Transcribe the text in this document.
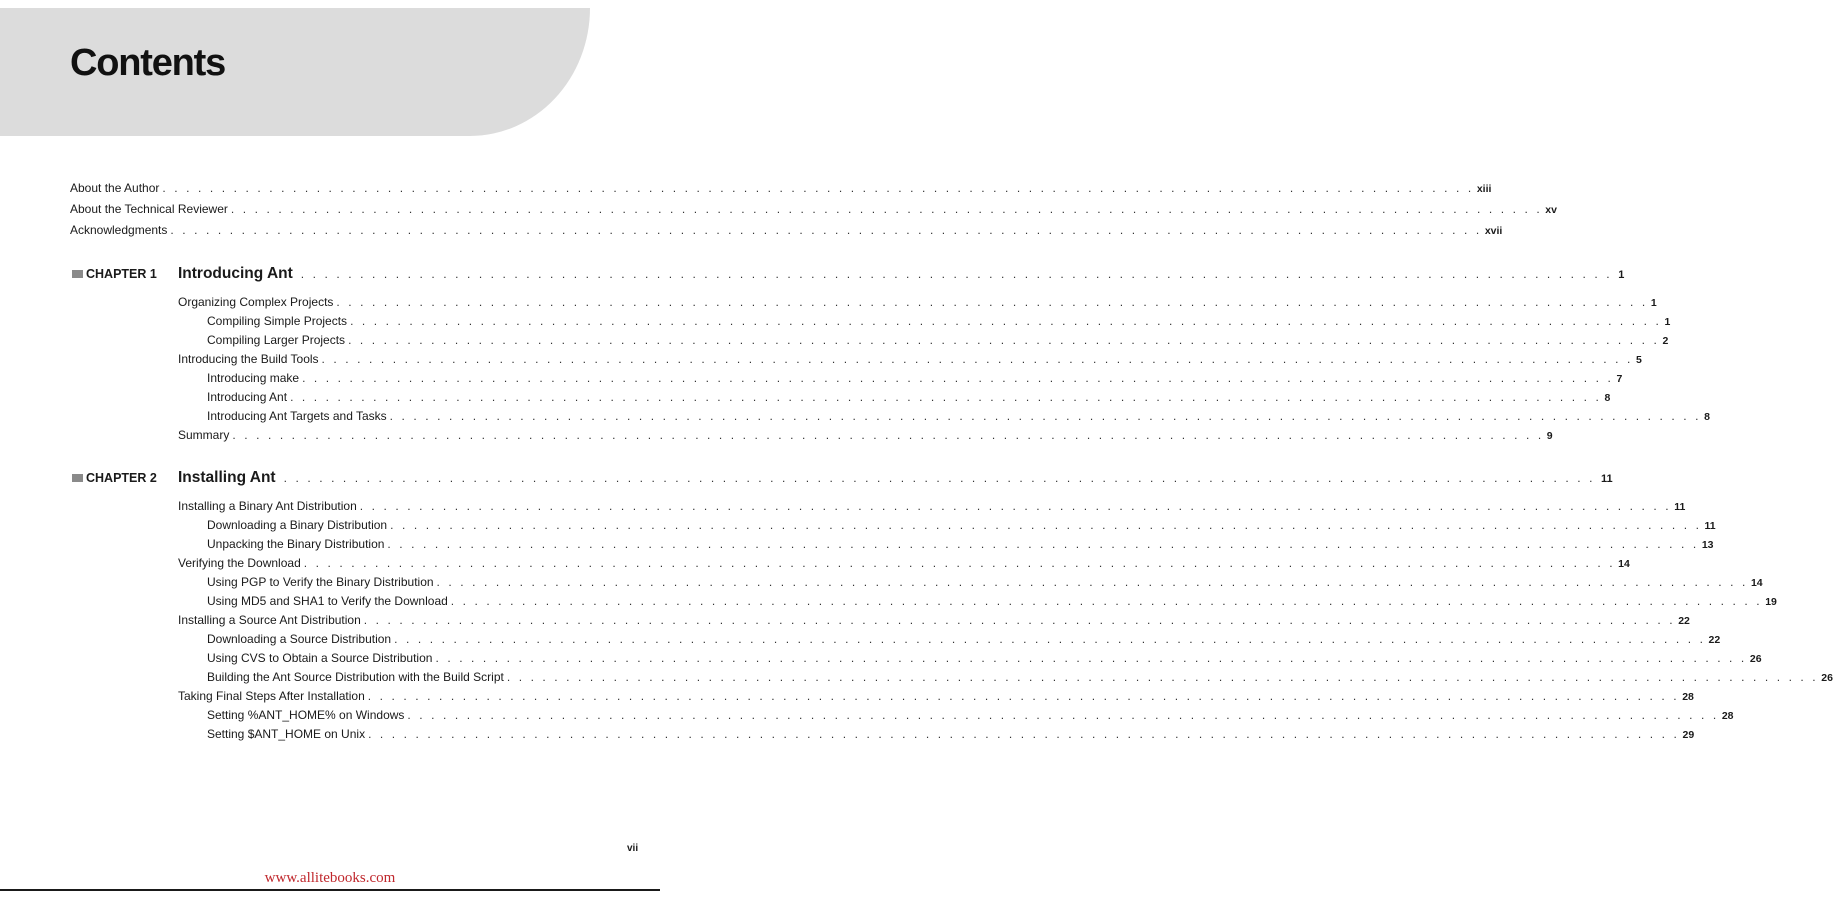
Contents
About the Author . . . . . . . . . . . . . . . . . . . . . . . . . . . . . . . . . . . . . . . . . . . . . . . . . . . . . . . . . . . . . . . . . . . . . . . . . . . . . . . . . . . . . . . . . . . . . . . . . . . . . . . . . . . . . . . xiii
About the Technical Reviewer . . . . . . . . . . . . . . . . . . . . . . . . . . . . . . . . . . . . . . . . . . . . . . . . . . . . . . . . . . . . . . . . . . . . . . . . . . . . . . . . . . . . . . . . . . . . . . . . . . . . . . . . . . . . . . . xv
Acknowledgments . . . . . . . . . . . . . . . . . . . . . . . . . . . . . . . . . . . . . . . . . . . . . . . . . . . . . . . . . . . . . . . . . . . . . . . . . . . . . . . . . . . . . . . . . . . . . . . . . . . . . . . . . . . . . . . xvii
CHAPTER 1 Introducing Ant . . . . . . . . . . . . . . . . . . . . . . . . . . . . . . . . . . . . . . . . . . . . . . . . . . . . . . . . . . . . . . . . . . . . . . . . . . . . . . . . . . . . . . . . . . . . . . . . . . . . . . . . . . . . . . . 1
Organizing Complex Projects . . . . . . . . . . . . . . . . . . . . . . . . . . . . . . . . . . . . . . . . . . . . . . . . . . . . . . . . . . . . . . . . . . . . . . . . . . . . . . . . . . . . . . . . . . . . . . . . . . . . . . . . . . . . . . . 1
Compiling Simple Projects . . . . . . . . . . . . . . . . . . . . . . . . . . . . . . . . . . . . . . . . . . . . . . . . . . . . . . . . . . . . . . . . . . . . . . . . . . . . . . . . . . . . . . . . . . . . . . . . . . . . . . . . . . . . . . . 1
Compiling Larger Projects . . . . . . . . . . . . . . . . . . . . . . . . . . . . . . . . . . . . . . . . . . . . . . . . . . . . . . . . . . . . . . . . . . . . . . . . . . . . . . . . . . . . . . . . . . . . . . . . . . . . . . . . . . . . . . . 2
Introducing the Build Tools . . . . . . . . . . . . . . . . . . . . . . . . . . . . . . . . . . . . . . . . . . . . . . . . . . . . . . . . . . . . . . . . . . . . . . . . . . . . . . . . . . . . . . . . . . . . . . . . . . . . . . . . . . . . . . . 5
Introducing make . . . . . . . . . . . . . . . . . . . . . . . . . . . . . . . . . . . . . . . . . . . . . . . . . . . . . . . . . . . . . . . . . . . . . . . . . . . . . . . . . . . . . . . . . . . . . . . . . . . . . . . . . . . . . . . 7
Introducing Ant . . . . . . . . . . . . . . . . . . . . . . . . . . . . . . . . . . . . . . . . . . . . . . . . . . . . . . . . . . . . . . . . . . . . . . . . . . . . . . . . . . . . . . . . . . . . . . . . . . . . . . . . . . . . . . . 8
Introducing Ant Targets and Tasks . . . . . . . . . . . . . . . . . . . . . . . . . . . . . . . . . . . . . . . . . . . . . . . . . . . . . . . . . . . . . . . . . . . . . . . . . . . . . . . . . . . . . . . . . . . . . . . . . . . . . . . . . . . . . . . 8
Summary . . . . . . . . . . . . . . . . . . . . . . . . . . . . . . . . . . . . . . . . . . . . . . . . . . . . . . . . . . . . . . . . . . . . . . . . . . . . . . . . . . . . . . . . . . . . . . . . . . . . . . . . . . . . . . . 9
CHAPTER 2 Installing Ant . . . . . . . . . . . . . . . . . . . . . . . . . . . . . . . . . . . . . . . . . . . . . . . . . . . . . . . . . . . . . . . . . . . . . . . . . . . . . . . . . . . . . . . . . . . . . . . . . . . . . . . . . . . . . . . 11
Installing a Binary Ant Distribution . . . . . . . . . . . . . . . . . . . . . . . . . . . . . . . . . . . . . . . . . . . . . . . . . . . . . . . . . . . . . . . . . . . . . . . . . . . . . . . . . . . . . . . . . . . . . . . . . . . . . . . . . . . . . . . 11
Downloading a Binary Distribution . . . . . . . . . . . . . . . . . . . . . . . . . . . . . . . . . . . . . . . . . . . . . . . . . . . . . . . . . . . . . . . . . . . . . . . . . . . . . . . . . . . . . . . . . . . . . . . . . . . . . . . . . . . . . . . 11
Unpacking the Binary Distribution . . . . . . . . . . . . . . . . . . . . . . . . . . . . . . . . . . . . . . . . . . . . . . . . . . . . . . . . . . . . . . . . . . . . . . . . . . . . . . . . . . . . . . . . . . . . . . . . . . . . . . . . . . . . . . . 13
Verifying the Download . . . . . . . . . . . . . . . . . . . . . . . . . . . . . . . . . . . . . . . . . . . . . . . . . . . . . . . . . . . . . . . . . . . . . . . . . . . . . . . . . . . . . . . . . . . . . . . . . . . . . . . . . . . . . . . 14
Using PGP to Verify the Binary Distribution . . . . . . . . . . . . . . . . . . . . . . . . . . . . . . . . . . . . . . . . . . . . . . . . . . . . . . . . . . . . . . . . . . . . . . . . . . . . . . . . . . . . . . . . . . . . . . . . . . . . . . . . . . . . . . . 14
Using MD5 and SHA1 to Verify the Download . . . . . . . . . . . . . . . . . . . . . . . . . . . . . . . . . . . . . . . . . . . . . . . . . . . . . . . . . . . . . . . . . . . . . . . . . . . . . . . . . . . . . . . . . . . . . . . . . . . . . . . . . . . . . . . 19
Installing a Source Ant Distribution . . . . . . . . . . . . . . . . . . . . . . . . . . . . . . . . . . . . . . . . . . . . . . . . . . . . . . . . . . . . . . . . . . . . . . . . . . . . . . . . . . . . . . . . . . . . . . . . . . . . . . . . . . . . . . . 22
Downloading a Source Distribution . . . . . . . . . . . . . . . . . . . . . . . . . . . . . . . . . . . . . . . . . . . . . . . . . . . . . . . . . . . . . . . . . . . . . . . . . . . . . . . . . . . . . . . . . . . . . . . . . . . . . . . . . . . . . . . 22
Using CVS to Obtain a Source Distribution . . . . . . . . . . . . . . . . . . . . . . . . . . . . . . . . . . . . . . . . . . . . . . . . . . . . . . . . . . . . . . . . . . . . . . . . . . . . . . . . . . . . . . . . . . . . . . . . . . . . . . . . . . . . . . . 26
Building the Ant Source Distribution with the Build Script . . . . . . . . . . . . . . . . . . . . . . . . . . . . . . . . . . . . . . . . . . . . . . . . . . . . . . . . . . . . . . . . . . . . . . . . . . . . . . . . . . . . . . . . . . . . . . . . . . . . . . . . . . . . . . . 26
Taking Final Steps After Installation . . . . . . . . . . . . . . . . . . . . . . . . . . . . . . . . . . . . . . . . . . . . . . . . . . . . . . . . . . . . . . . . . . . . . . . . . . . . . . . . . . . . . . . . . . . . . . . . . . . . . . . . . . . . . . . 28
Setting %ANT_HOME% on Windows . . . . . . . . . . . . . . . . . . . . . . . . . . . . . . . . . . . . . . . . . . . . . . . . . . . . . . . . . . . . . . . . . . . . . . . . . . . . . . . . . . . . . . . . . . . . . . . . . . . . . . . . . . . . . . . 28
Setting $ANT_HOME on Unix . . . . . . . . . . . . . . . . . . . . . . . . . . . . . . . . . . . . . . . . . . . . . . . . . . . . . . . . . . . . . . . . . . . . . . . . . . . . . . . . . . . . . . . . . . . . . . . . . . . . . . . . . . . . . . . 29
vii
www.allitebooks.com
